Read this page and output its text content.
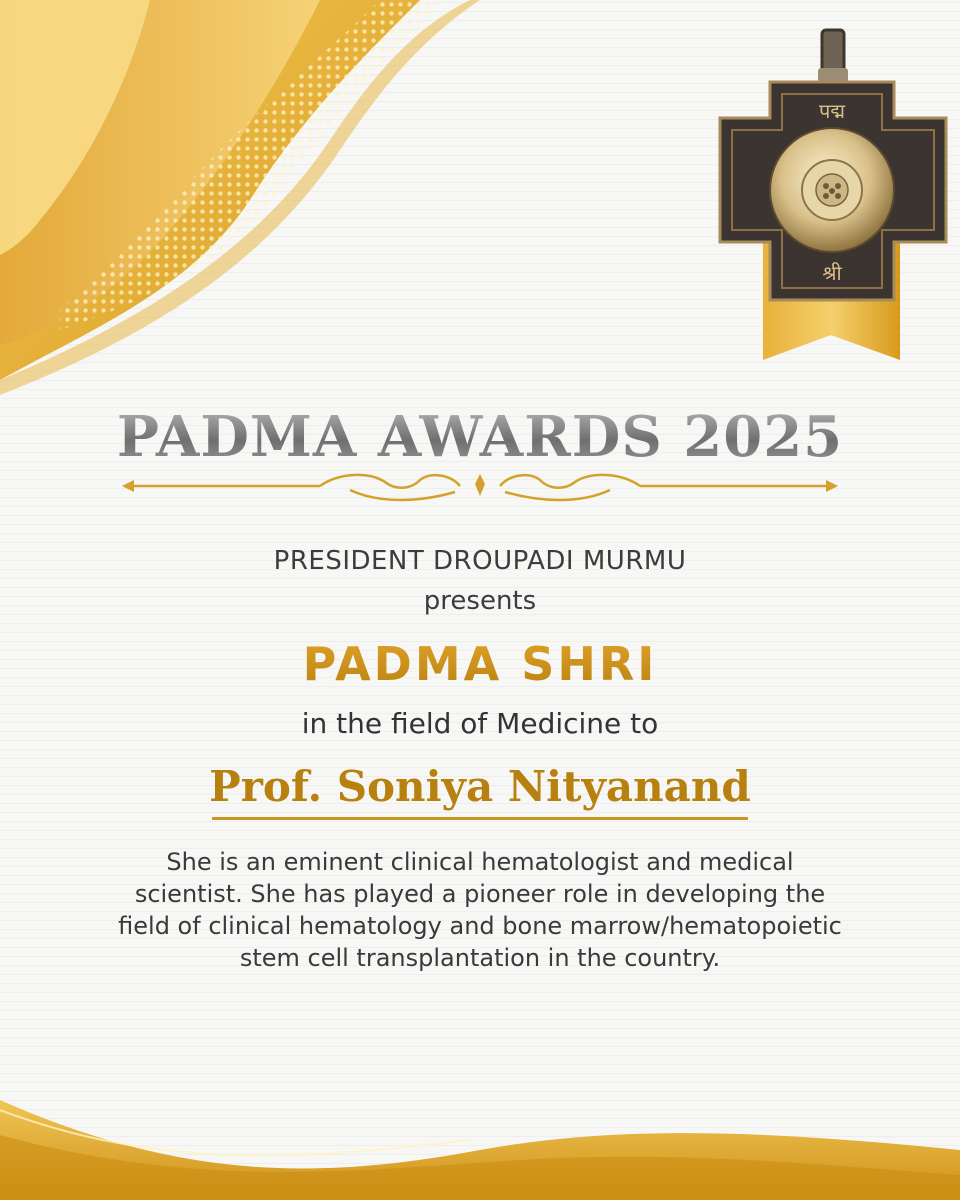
पद्म
श्री
PADMA AWARDS 2025
PRESIDENT DROUPADI MURMU
presents
PADMA SHRI
in the field of Medicine to
Prof. Soniya Nityanand
She is an eminent clinical hematologist and medical scientist. She has played a pioneer role in developing the field of clinical hematology and bone marrow/hematopoietic stem cell transplantation in the country.
